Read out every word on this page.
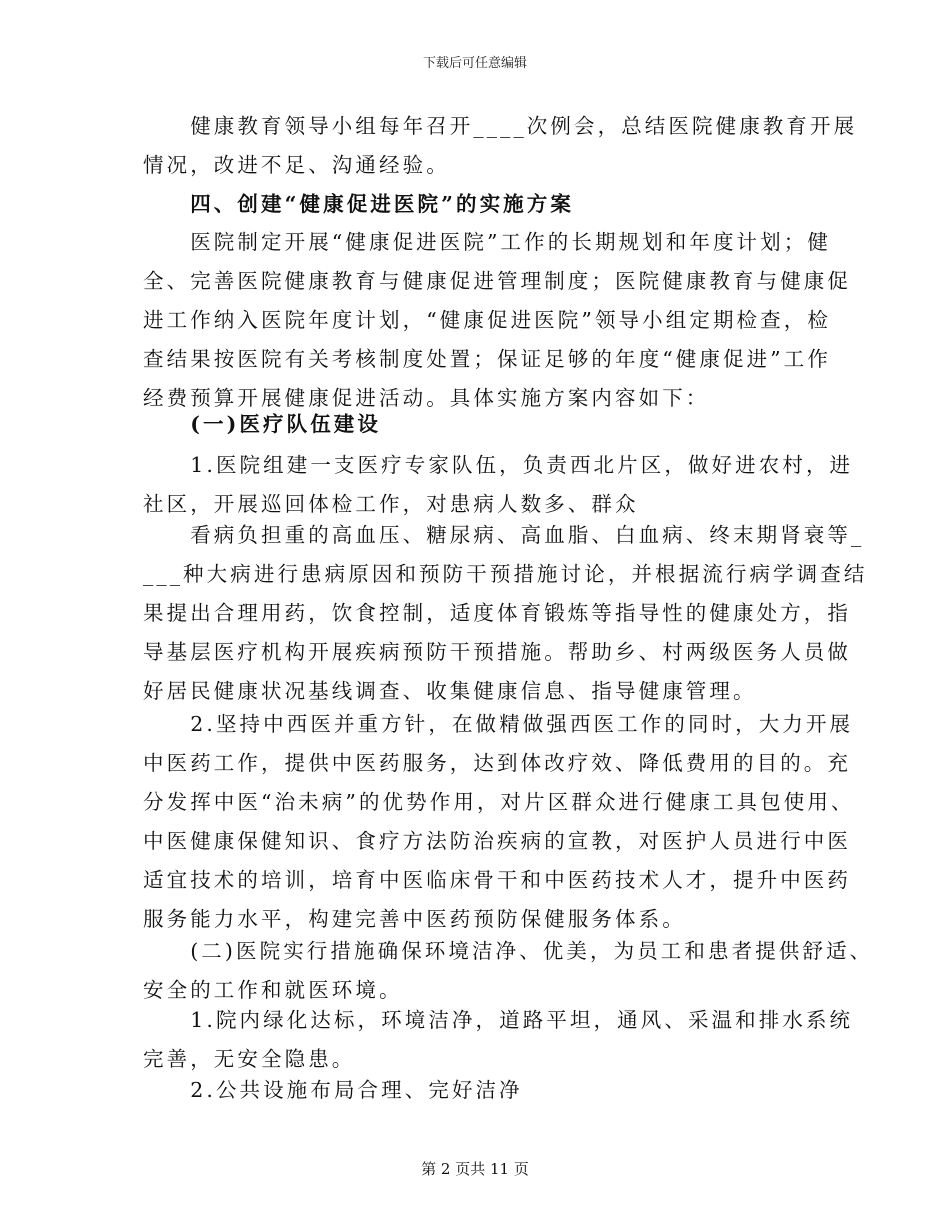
下载后可任意编辑
　　健康教育领导小组每年召开____次例会，总结医院健康教育开展
情况，改进不足、沟通经验。
　　四、创建“健康促进医院”的实施方案
　　医院制定开展“健康促进医院”工作的长期规划和年度计划；健
全、完善医院健康教育与健康促进管理制度；医院健康教育与健康促
进工作纳入医院年度计划，“健康促进医院”领导小组定期检查，检
查结果按医院有关考核制度处置；保证足够的年度“健康促进”工作
经费预算开展健康促进活动。具体实施方案内容如下：
　　(一)医疗队伍建设
　　1.医院组建一支医疗专家队伍，负责西北片区，做好进农村，进
社区，开展巡回体检工作，对患病人数多、群众
　　看病负担重的高血压、糖尿病、高血脂、白血病、终末期肾衰等_
___种大病进行患病原因和预防干预措施讨论，并根据流行病学调查结
果提出合理用药，饮食控制，适度体育锻炼等指导性的健康处方，指
导基层医疗机构开展疾病预防干预措施。帮助乡、村两级医务人员做
好居民健康状况基线调查、收集健康信息、指导健康管理。
　　2.坚持中西医并重方针，在做精做强西医工作的同时，大力开展
中医药工作，提供中医药服务，达到体改疗效、降低费用的目的。充
分发挥中医“治未病”的优势作用，对片区群众进行健康工具包使用、
中医健康保健知识、食疗方法防治疾病的宣教，对医护人员进行中医
适宜技术的培训，培育中医临床骨干和中医药技术人才，提升中医药
服务能力水平，构建完善中医药预防保健服务体系。
　　(二)医院实行措施确保环境洁净、优美，为员工和患者提供舒适、
安全的工作和就医环境。
　　1.院内绿化达标，环境洁净，道路平坦，通风、采温和排水系统
完善，无安全隐患。
　　2.公共设施布局合理、完好洁净
第 2 页共 11 页
